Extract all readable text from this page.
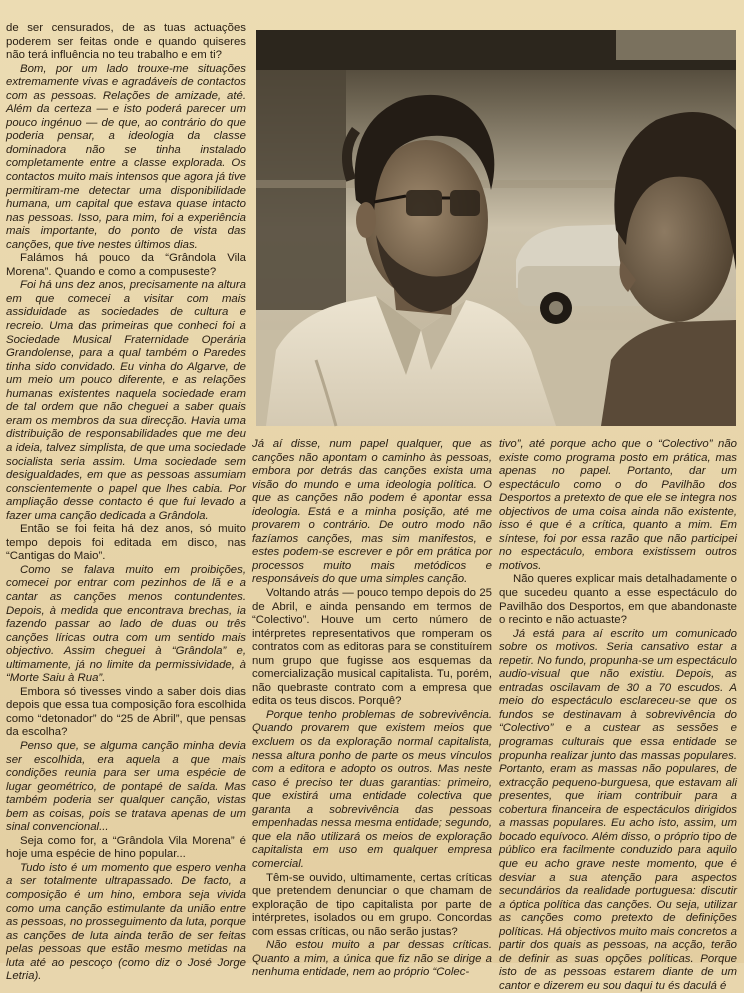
de ser censurados, de as tuas actuações poderem ser feitas onde e quando quiseres não terá influência no teu trabalho e em ti?

Bom, por um lado trouxe-me situações extremamente vivas e agradáveis de contactos com as pessoas. Relações de amizade, até. Além da certeza — e isto poderá parecer um pouco ingénuo — de que, ao contrário do que poderia pensar, a ideologia da classe dominadora não se tinha instalado completamente entre a classe explorada. Os contactos muito mais intensos que agora já tive permitiram-me detectar uma disponibilidade humana, um capital que estava quase intacto nas pessoas. Isso, para mim, foi a experiência mais importante, do ponto de vista das canções, que tive nestes últimos dias.

Falámos há pouco da “Grândola Vila Morena”. Quando e como a compuseste?

Foi há uns dez anos, precisamente na altura em que comecei a visitar com mais assiduidade as sociedades de cultura e recreio. Uma das primeiras que conheci foi a Sociedade Musical Fraternidade Operária Grandolense, para a qual também o Paredes tinha sido convidado. Eu vinha do Algarve, de um meio um pouco diferente, e as relações humanas existentes naquela sociedade eram de tal ordem que não cheguei a saber quais eram os membros da sua direcção. Havia uma distribuição de responsabilidades que me deu a ideia, talvez simplista, de que uma sociedade socialista seria assim. Uma sociedade sem desigualdades, em que as pessoas assumiam conscientemente o papel que lhes cabia. Por ampliação desse contacto é que fui levado a fazer uma canção dedicada a Grândola.

Então se foi feita há dez anos, só muito tempo depois foi editada em disco, nas “Cantigas do Maio”.

Como se falava muito em proibições, comecei por entrar com pezinhos de lã e a cantar as canções menos contundentes. Depois, à medida que encontrava brechas, ia fazendo passar ao lado de duas ou três canções líricas outra com um sentido mais objectivo. Assim cheguei à “Grândola” e, ultimamente, já no limite da permissividade, à “Morte Saiu à Rua”.

Embora só tivesses vindo a saber dois dias depois que essa tua composição fora escolhida como “detonador” do “25 de Abril”, que pensas da escolha?

Penso que, se alguma canção minha devia ser escolhida, era aquela a que mais condições reunia para ser uma espécie de lugar geométrico, de pontapé de saída. Mas também poderia ser qualquer canção, vistas bem as coisas, pois se tratava apenas de um sinal convencional...

Seja como for, a “Grândola Vila Morena” é hoje uma espécie de hino popular...

Tudo isto é um momento que espero venha a ser totalmente ultrapassado. De facto, a composição é um hino, embora seja vivida como uma canção estimulante da união entre as pessoas, no prosseguimento da luta, porque as canções de luta ainda terão de ser feitas pelas pessoas que estão mesmo metidas na luta até ao pescoço (como diz o José Jorge Letria).

Já aí disse, num papel qualquer, que as canções não apontam o caminho às pessoas, embora por detrás das canções exista uma visão do mundo e uma ideologia política. O que as canções não podem é apontar essa ideologia. Está e a minha posição, até me provarem o contrário. De outro modo não fazíamos canções, mas sim manifestos, e estes podem-se escrever e pôr em prática por processos muito mais metódicos e responsáveis do que uma simples canção.

Voltando atrás — pouco tempo depois do 25 de Abril, e ainda pensando em termos de “Colectivo”. Houve um certo número de intérpretes representativos que romperam os contratos com as editoras para se constituírem num grupo que fugisse aos esquemas da comercialização musical capitalista. Tu, porém, não quebraste contrato com a empresa que edita os teus discos. Porquê?

Porque tenho problemas de sobrevivência. Quando provarem que existem meios que excluem os da exploração normal capitalista, nessa altura ponho de parte os meus vínculos com a editora e adopto os outros. Mas neste caso é preciso ter duas garantias: primeiro, que existirá uma entidade colectiva que garanta a sobrevivência das pessoas empenhadas nessa mesma entidade; segundo, que ela não utilizará os meios de exploração capitalista em uso em qualquer empresa comercial.

Têm-se ouvido, ultimamente, certas críticas que pretendem denunciar o que chamam de exploração de tipo capitalista por parte de intérpretes, isolados ou em grupo. Concordas com essas críticas, ou não serão justas?

Não estou muito a par dessas críticas. Quanto a mim, a única que fiz não se dirige a nenhuma entidade, nem ao próprio “Colec-

tivo”, até porque acho que o “Colectivo” não existe como programa posto em prática, mas apenas no papel. Portanto, dar um espectáculo como o do Pavilhão dos Desportos a pretexto de que ele se integra nos objectivos de uma coisa ainda não existente, isso é que é a crítica, quanto a mim. Em síntese, foi por essa razão que não participei no espectáculo, embora existissem outros motivos.

Não queres explicar mais detalhadamente o que sucedeu quanto a esse espectáculo do Pavilhão dos Desportos, em que abandonaste o recinto e não actuaste?

Já está para aí escrito um comunicado sobre os motivos. Seria cansativo estar a repetir. No fundo, propunha-se um espectáculo audio-visual que não existiu. Depois, as entradas oscilavam de 30 a 70 escudos. A meio do espectáculo esclareceu-se que os fundos se destinavam à sobrevivência do “Colectivo” e a custear as sessões e programas culturais que essa entidade se propunha realizar junto das massas populares. Portanto, eram as massas não populares, de extracção pequeno-burguesa, que estavam ali presentes, que iriam contribuir para a cobertura financeira de espectáculos dirigidos a massas populares. Eu acho isto, assim, um bocado equívoco. Além disso, o próprio tipo de público era facilmente conduzido para aquilo que eu acho grave neste momento, que é desviar a sua atenção para aspectos secundários da realidade portuguesa: discutir a óptica política das canções. Ou seja, utilizar as canções como pretexto de definições políticas. Há objectivos muito mais concretos a partir dos quais as pessoas, na acção, terão de definir as suas opções políticas. Porque isto de as pessoas estarem diante de um cantor e dizerem eu sou daqui tu és daculá é
